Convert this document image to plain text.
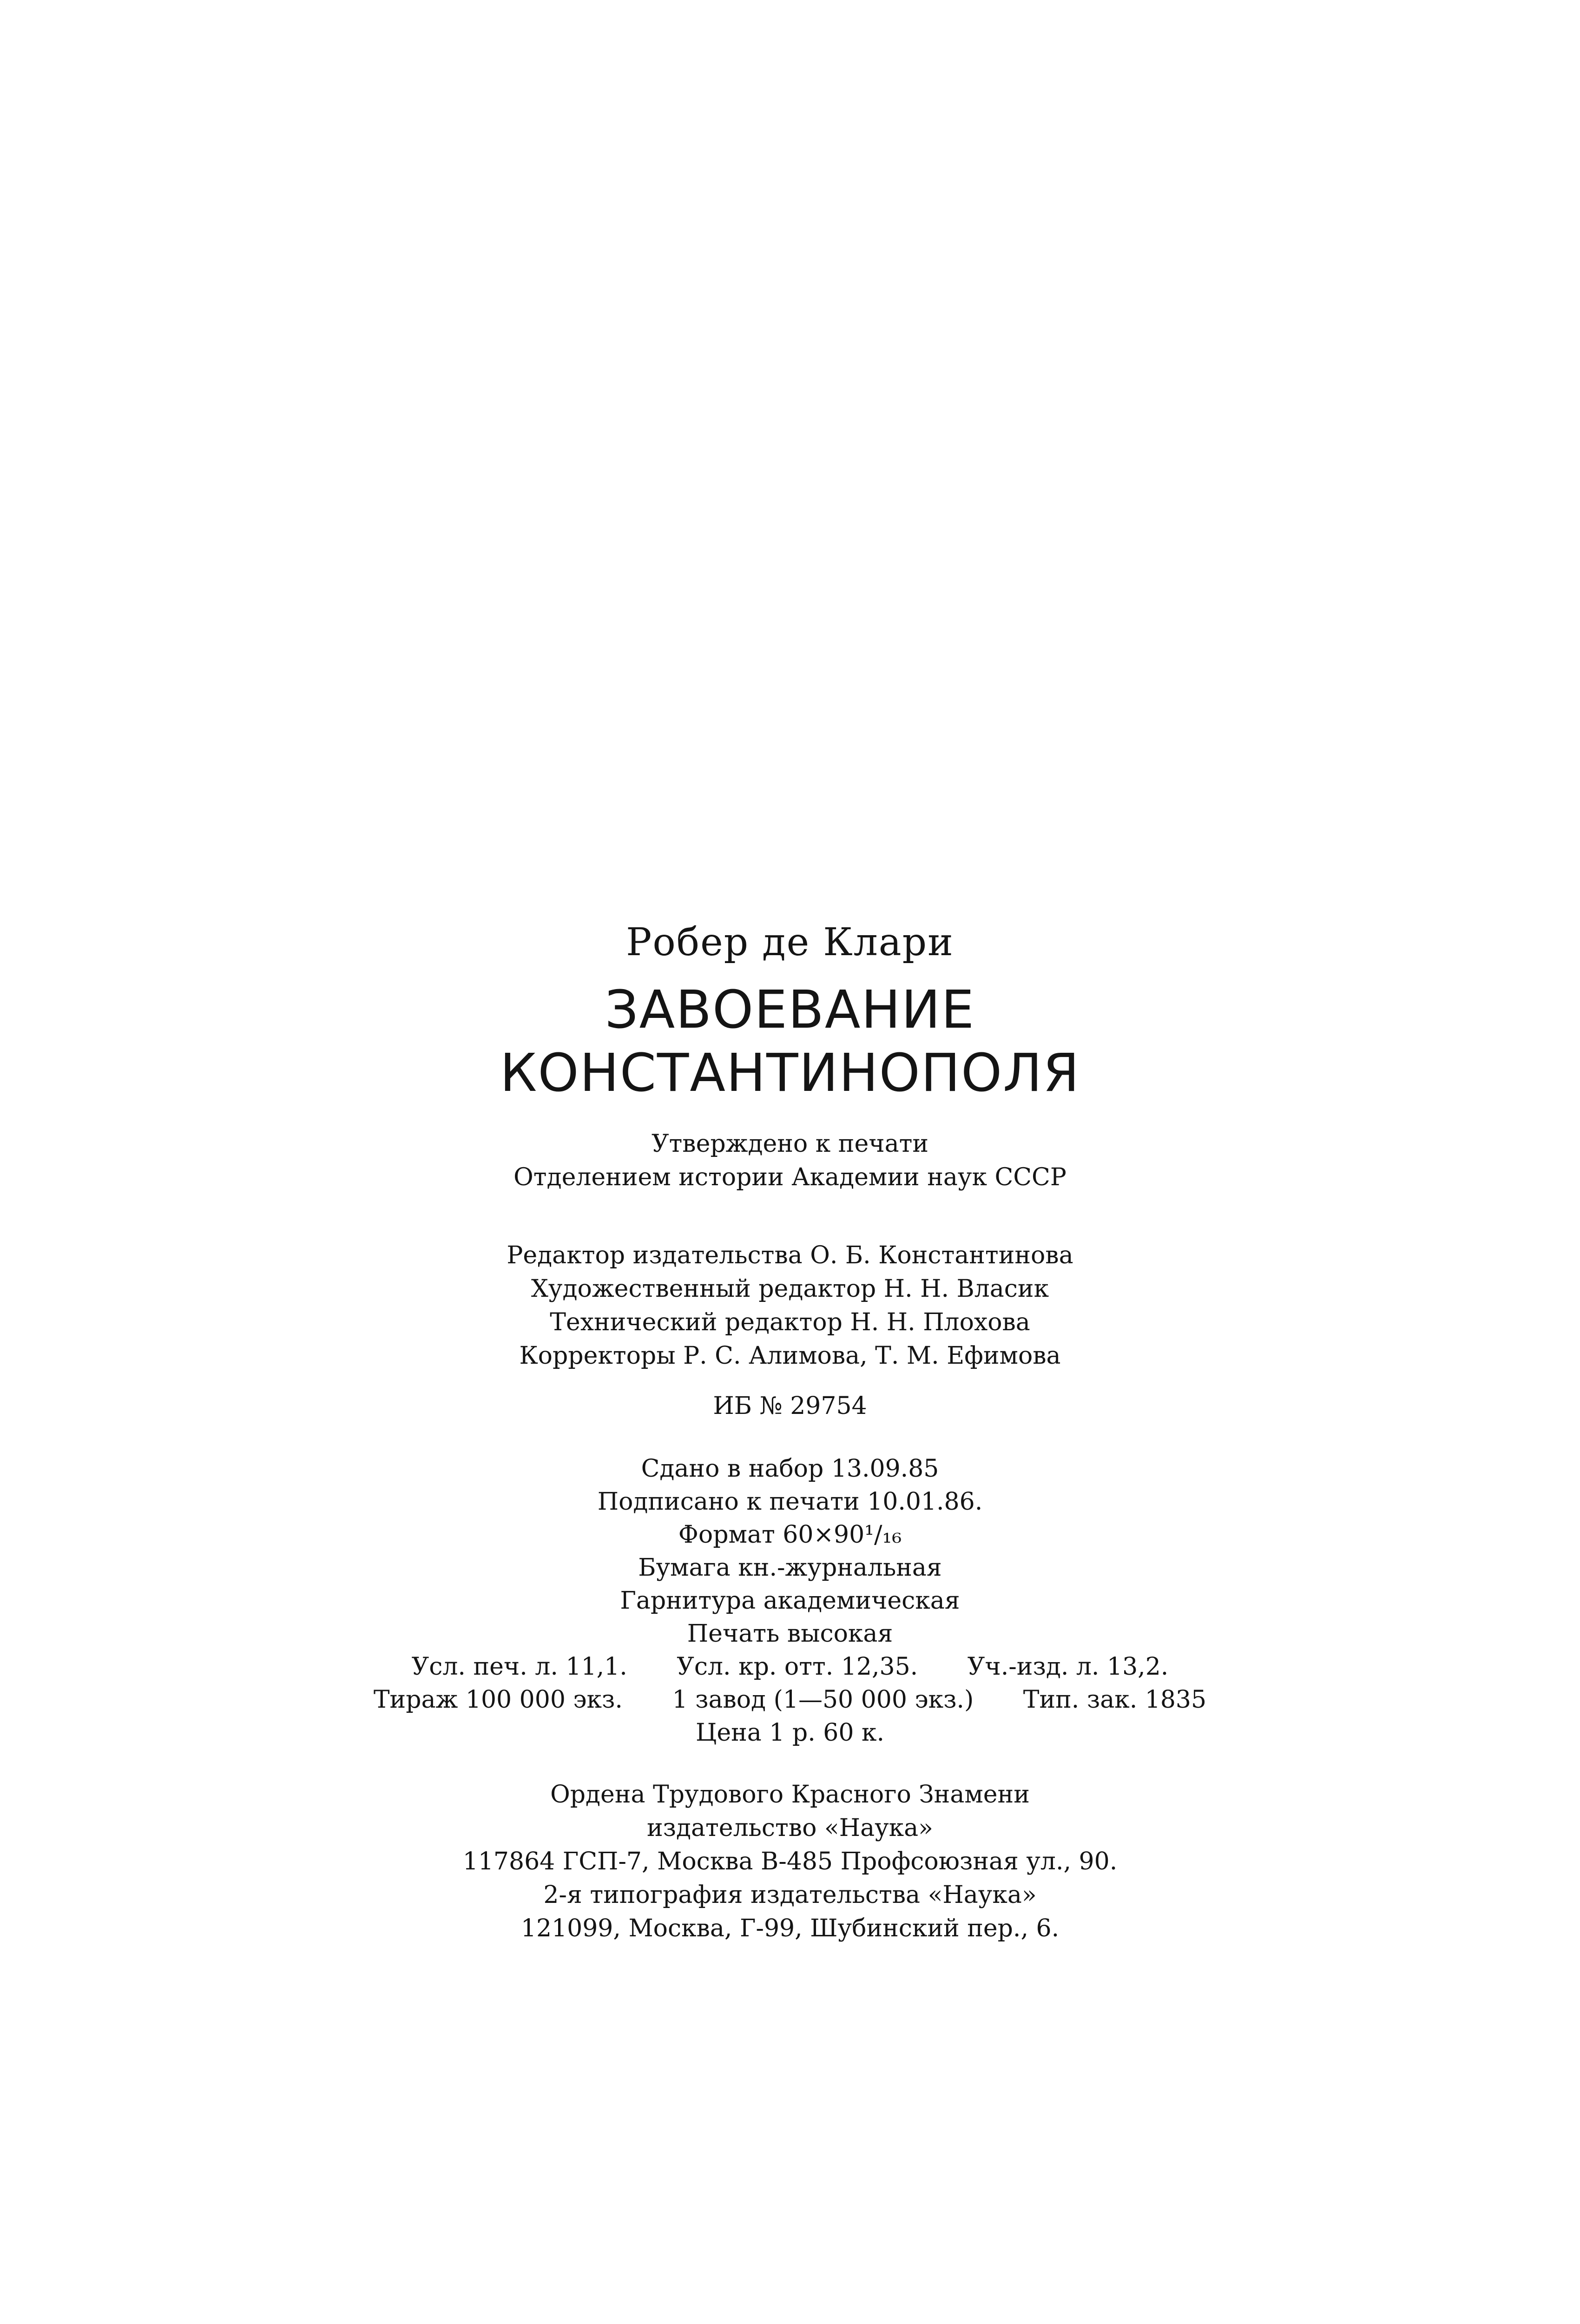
Робер де Клари
ЗАВОЕВАНИЕ
КОНСТАНТИНОПОЛЯ
Утверждено к печати
Отделением истории Академии наук СССР
Редактор издательства О. Б. Константинова
Художественный редактор Н. Н. Власик
Технический редактор Н. Н. Плохова
Корректоры Р. С. Алимова, Т. М. Ефимова
ИБ № 29754
Сдано в набор 13.09.85
Подписано к печати 10.01.86.
Формат 60×90¹/₁₆
Бумага кн.-журнальная
Гарнитура академическая
Печать высокая
Усл. печ. л. 11,1. Усл. кр. отт. 12,35. Уч.-изд. л. 13,2.
Тираж 100 000 экз. 1 завод (1—50 000 экз.) Тип. зак. 1835
Цена 1 р. 60 к.
Ордена Трудового Красного Знамени
издательство «Наука»
117864 ГСП-7, Москва В-485 Профсоюзная ул., 90.
2-я типография издательства «Наука»
121099, Москва, Г-99, Шубинский пер., 6.
